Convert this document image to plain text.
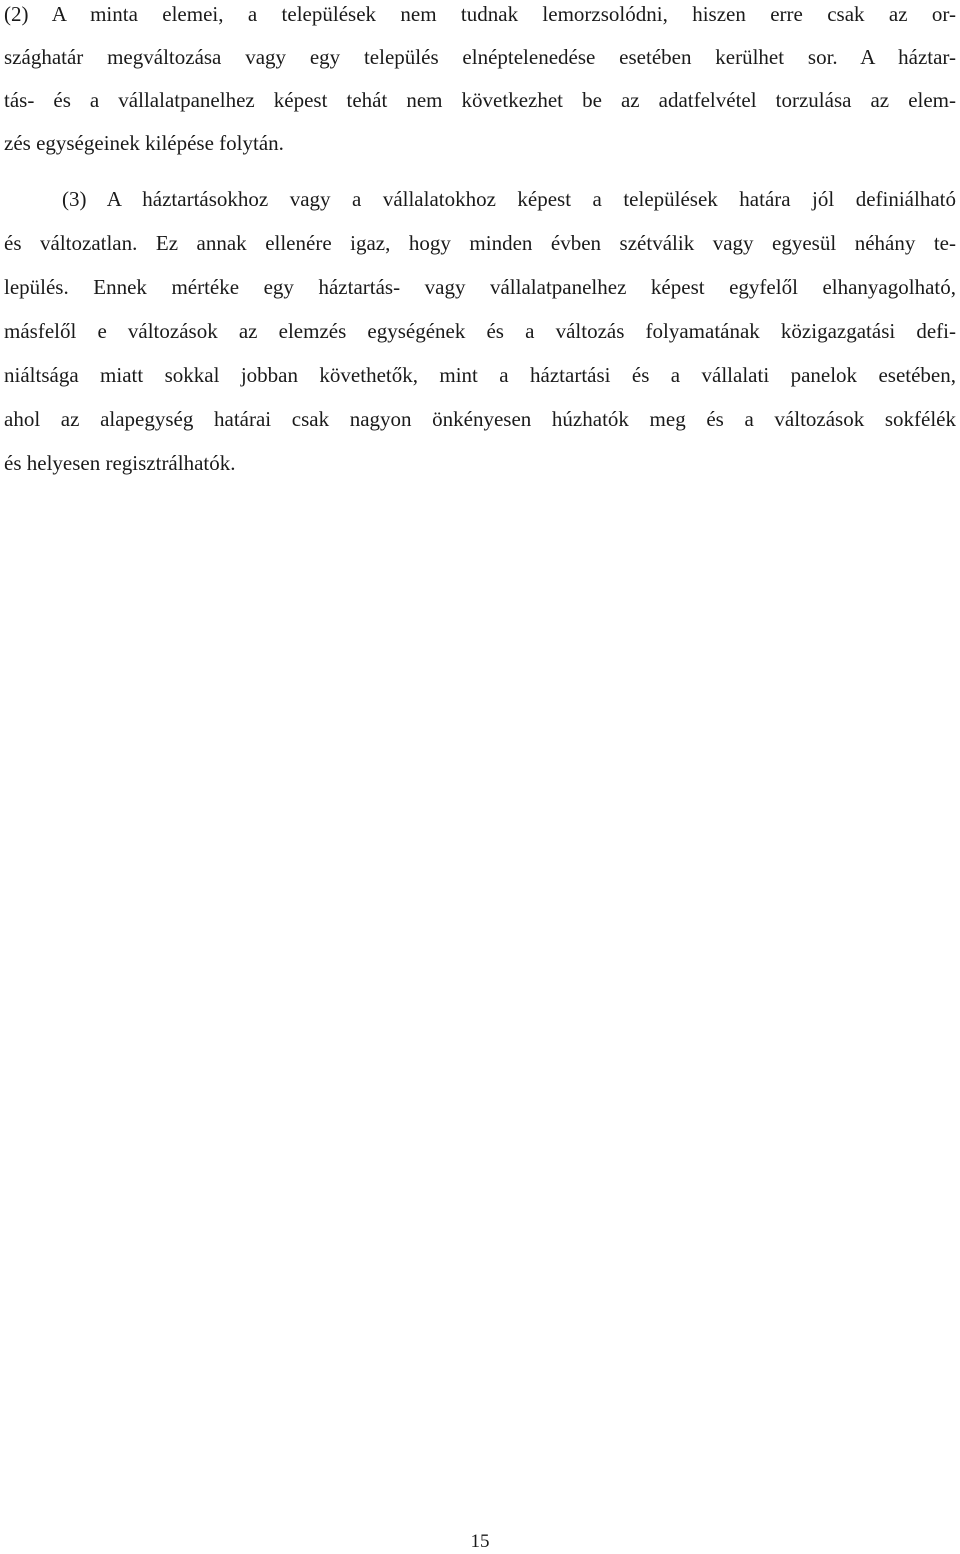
(2) A minta elemei, a települések nem tudnak lemorzsolódni, hiszen erre csak az or-
szághatár megváltozása vagy egy település elnéptelenedése esetében kerülhet sor. A háztar-
tás- és a vállalatpanelhez képest tehát nem következhet be az adatfelvétel torzulása az elem-
zés egységeinek kilépése folytán.
(3) A háztartásokhoz vagy a vállalatokhoz képest a települések határa jól definiálható
és változatlan. Ez annak ellenére igaz, hogy minden évben szétválik vagy egyesül néhány te-
lepülés. Ennek mértéke egy háztartás- vagy vállalatpanelhez képest egyfelől elhanyagolható,
másfelől e változások az elemzés egységének és a változás folyamatának közigazgatási defi-
niáltsága miatt sokkal jobban követhetők, mint a háztartási és a vállalati panelok esetében,
ahol az alapegység határai csak nagyon önkényesen húzhatók meg és a változások sokfélék
és helyesen regisztrálhatók.
15
